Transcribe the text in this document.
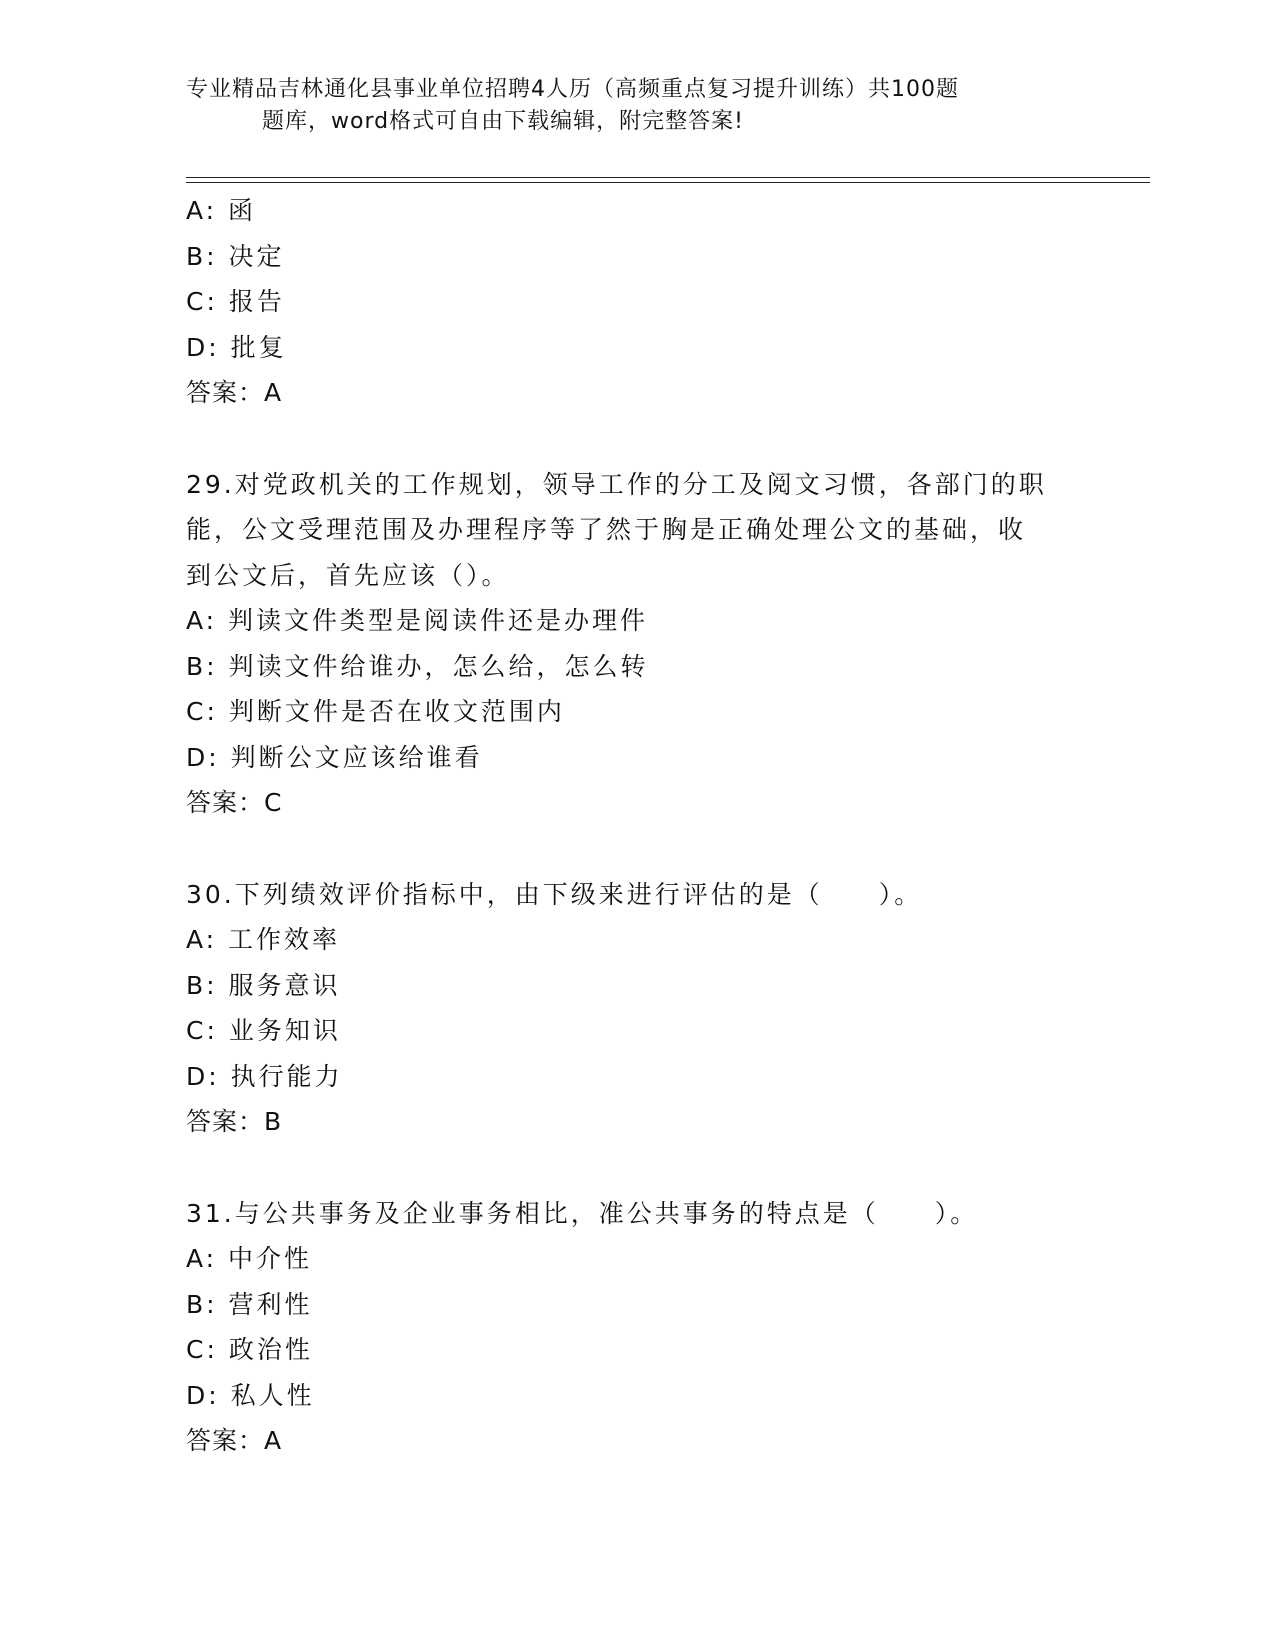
专业精品吉林通化县事业单位招聘4人历（高频重点复习提升训练）共100题
题库，word格式可自由下载编辑，附完整答案!
A: 函
B: 决定
C: 报告
D: 批复
答案：A
29.对党政机关的工作规划，领导工作的分工及阅文习惯，各部门的职
能，公文受理范围及办理程序等了然于胸是正确处理公文的基础，收
到公文后，首先应该（）。
A: 判读文件类型是阅读件还是办理件
B: 判读文件给谁办，怎么给，怎么转
C: 判断文件是否在收文范围内
D: 判断公文应该给谁看
答案：C
30.下列绩效评价指标中，由下级来进行评估的是（　　）。
A: 工作效率
B: 服务意识
C: 业务知识
D: 执行能力
答案：B
31.与公共事务及企业事务相比，准公共事务的特点是（　　）。
A: 中介性
B: 营利性
C: 政治性
D: 私人性
答案：A
